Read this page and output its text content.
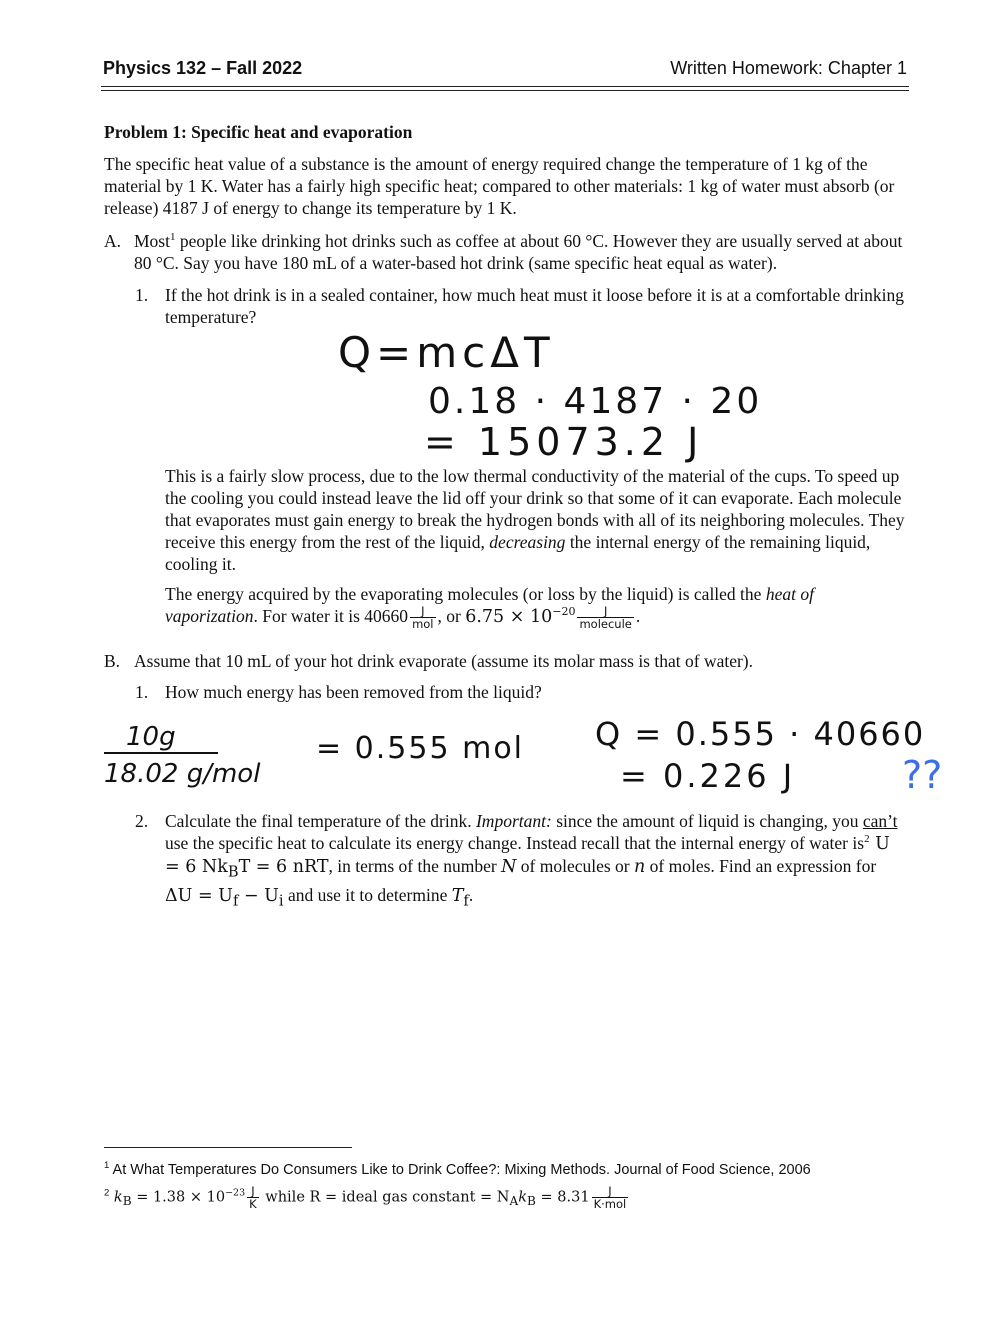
Physics 132 – Fall 2022	Written Homework: Chapter 1
Problem 1: Specific heat and evaporation
The specific heat value of a substance is the amount of energy required change the temperature of 1 kg of the material by 1 K. Water has a fairly high specific heat; compared to other materials: 1 kg of water must absorb (or release) 4187 J of energy to change its temperature by 1 K.
A. Most$^1$ people like drinking hot drinks such as coffee at about 60 °C. However they are usually served at about 80 °C. Say you have 180 mL of a water-based hot drink (same specific heat equal as water).
1. If the hot drink is in a sealed container, how much heat must it loose before it is at a comfortable drinking temperature?
This is a fairly slow process, due to the low thermal conductivity of the material of the cups. To speed up the cooling you could instead leave the lid off your drink so that some of it can evaporate. Each molecule that evaporates must gain energy to break the hydrogen bonds with all of its neighboring molecules. They receive this energy from the rest of the liquid, decreasing the internal energy of the remaining liquid, cooling it.
The energy acquired by the evaporating molecules (or loss by the liquid) is called the heat of vaporization. For water it is $40660 \frac{J}{\text{mol}}$ , or $6.75 \times 10^{-20} \frac{J}{\text{molecule}}$ .
B. Assume that 10 mL of your hot drink evaporate (assume its molar mass is that of water).
1. How much energy has been removed from the liquid?
2. Calculate the final temperature of the drink. Important: since the amount of liquid is changing, you can’t use the specific heat to calculate its energy change. Instead recall that the internal energy of water $is^2$ U = 6 $Nk_BT = 6$ nRT, in terms of the number N of molecules or n of moles. Find an expression for $\Delta U = U_f - U_i$ and use it to determine $T_f$.
Q=mcΔT
0.18 · 4187 · 20
= 15073.2 J
10g
18.02 g/mol
= 0.555 mol Q = 0.555 · 40660
= 0.226 J	??
$^1$ At What Temperatures Do Consumers Like to Drink Coffee?: Mixing Methods. Journal of Food Science, 2006
$^2$ $k_B = 1.38 \times 10^{-23} \frac{J}{K}$ while R = ideal gas constant = $N_Ak_B = 8.31 \frac{J}{\text{K·mol}}$
